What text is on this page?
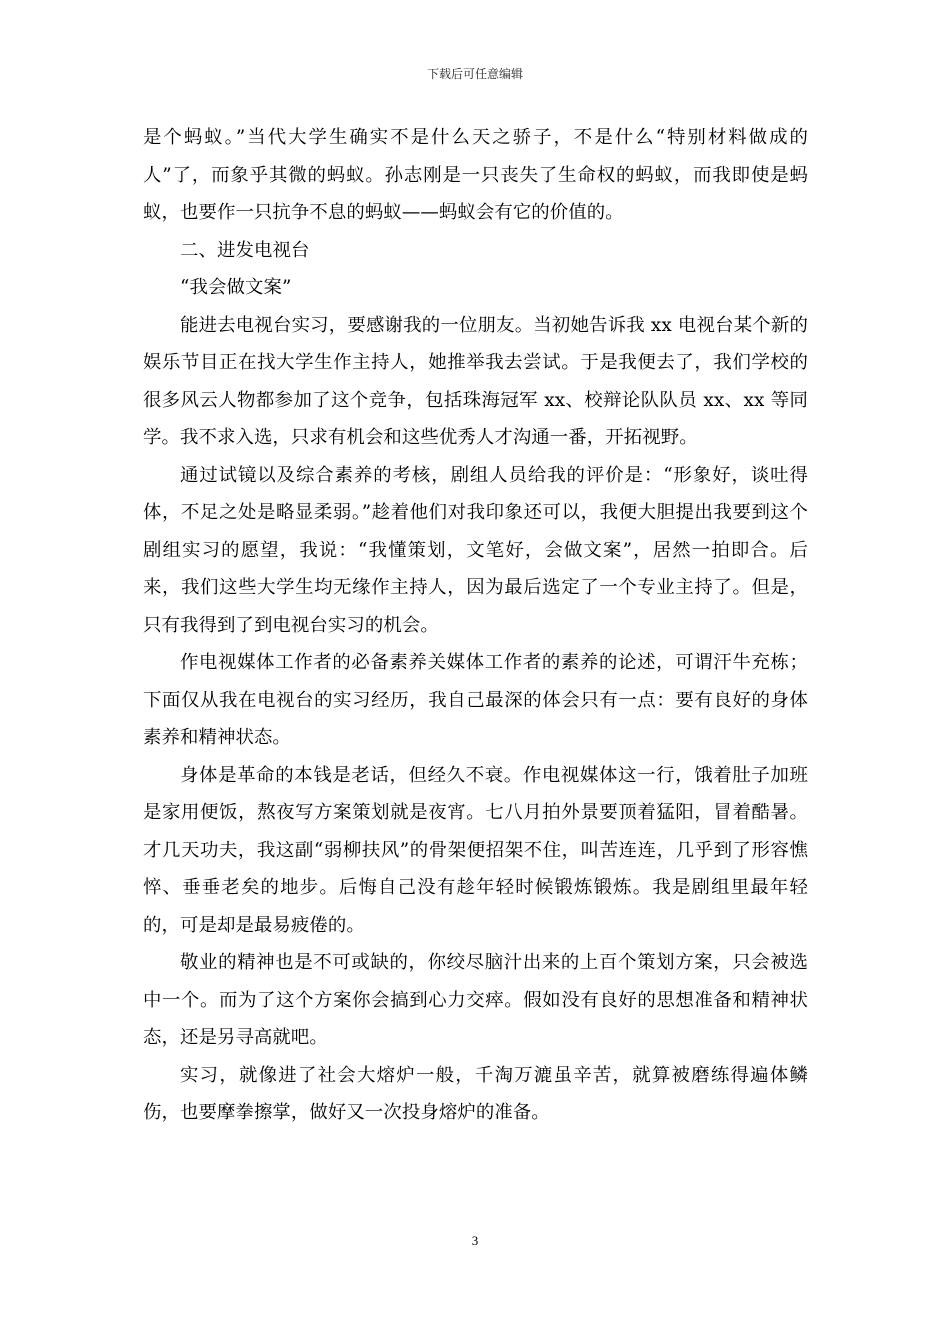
下载后可任意编辑

是个蚂蚁。”当代大学生确实不是什么天之骄子，不是什么“特别材料做成的人”了，而象乎其微的蚂蚁。孙志刚是一只丧失了生命权的蚂蚁，而我即使是蚂蚁，也要作一只抗争不息的蚂蚁——蚂蚁会有它的价值的。

二、进发电视台

“我会做文案”

能进去电视台实习，要感谢我的一位朋友。当初她告诉我 xx 电视台某个新的娱乐节目正在找大学生作主持人，她推举我去尝试。于是我便去了，我们学校的很多风云人物都参加了这个竞争，包括珠海冠军 xx、校辩论队队员 xx、xx 等同学。我不求入选，只求有机会和这些优秀人才沟通一番，开拓视野。

通过试镜以及综合素养的考核，剧组人员给我的评价是：“形象好，谈吐得体，不足之处是略显柔弱。”趁着他们对我印象还可以，我便大胆提出我要到这个剧组实习的愿望，我说：“我懂策划，文笔好，会做文案”，居然一拍即合。后来，我们这些大学生均无缘作主持人，因为最后选定了一个专业主持了。但是，只有我得到了到电视台实习的机会。

作电视媒体工作者的必备素养关媒体工作者的素养的论述，可谓汗牛充栋；下面仅从我在电视台的实习经历，我自己最深的体会只有一点：要有良好的身体素养和精神状态。

身体是革命的本钱是老话，但经久不衰。作电视媒体这一行，饿着肚子加班是家用便饭，熬夜写方案策划就是夜宵。七八月拍外景要顶着猛阳，冒着酷暑。才几天功夫，我这副“弱柳扶风”的骨架便招架不住，叫苦连连，几乎到了形容憔悴、垂垂老矣的地步。后悔自己没有趁年轻时候锻炼锻炼。我是剧组里最年轻的，可是却是最易疲倦的。

敬业的精神也是不可或缺的，你绞尽脑汁出来的上百个策划方案，只会被选中一个。而为了这个方案你会搞到心力交瘁。假如没有良好的思想准备和精神状态，还是另寻高就吧。

实习，就像进了社会大熔炉一般，千淘万漉虽辛苦，就算被磨练得遍体鳞伤，也要摩拳擦掌，做好又一次投身熔炉的准备。

3
